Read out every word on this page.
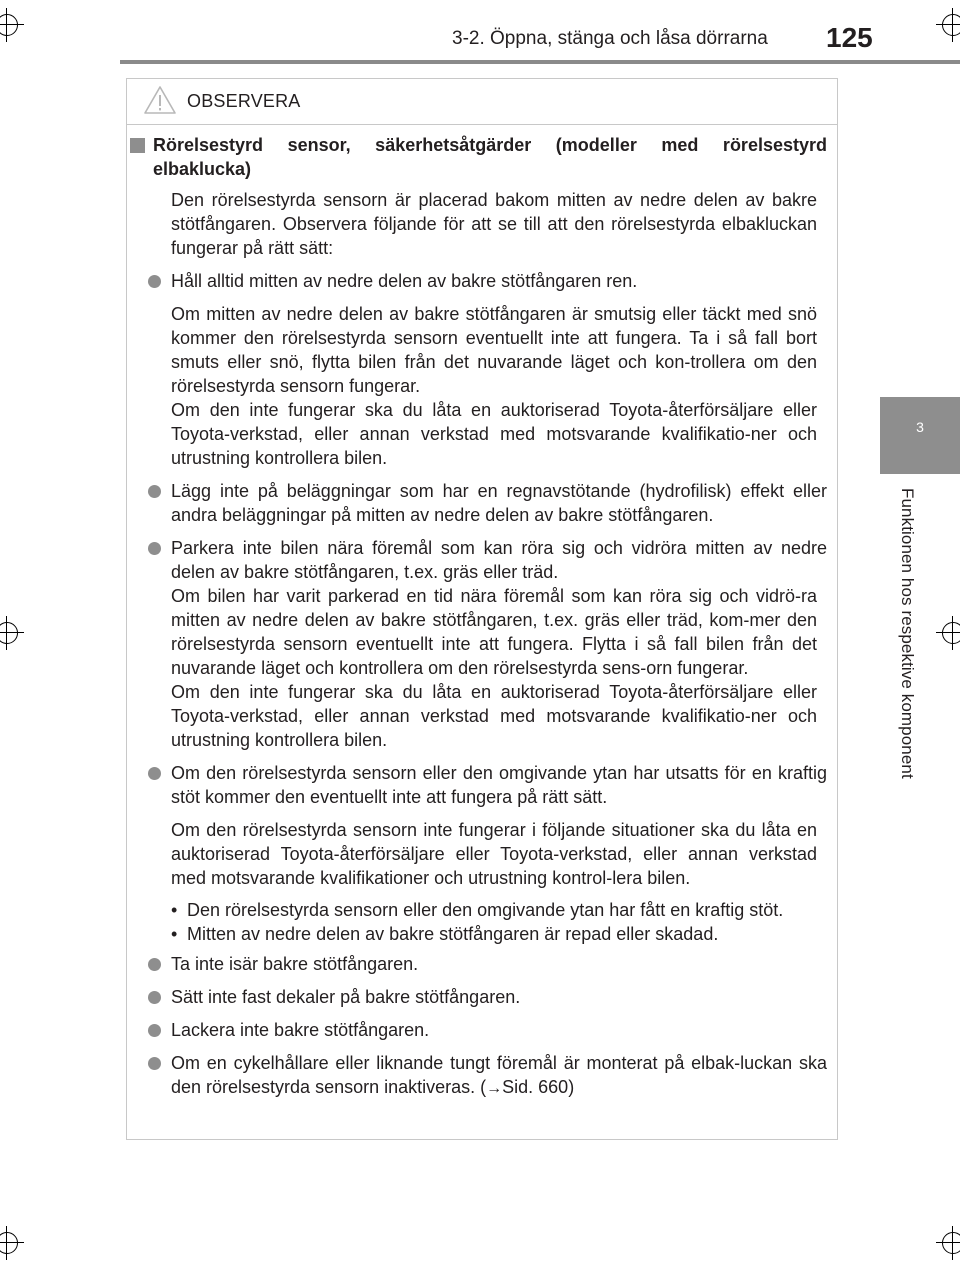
3-2. Öppna, stänga och låsa dörrarna 125
3
Funktionen hos respektive komponent
OBSERVERA
Rörelsestyrd sensor, säkerhetsåtgärder (modeller med rörelsestyrd elbaklucka)
Den rörelsestyrda sensorn är placerad bakom mitten av nedre delen av bakre stötfångaren. Observera följande för att se till att den rörelsestyrda elbakluckan fungerar på rätt sätt:
Håll alltid mitten av nedre delen av bakre stötfångaren ren.

Om mitten av nedre delen av bakre stötfångaren är smutsig eller täckt med snö kommer den rörelsestyrda sensorn eventuellt inte att fungera. Ta i så fall bort smuts eller snö, flytta bilen från det nuvarande läget och kon-trollera om den rörelsestyrda sensorn fungerar.

Om den inte fungerar ska du låta en auktoriserad Toyota-återförsäljare eller Toyota-verkstad, eller annan verkstad med motsvarande kvalifikatio-ner och utrustning kontrollera bilen.

Lägg inte på beläggningar som har en regnavstötande (hydrofilisk) effekt eller andra beläggningar på mitten av nedre delen av bakre stötfångaren.
Parkera inte bilen nära föremål som kan röra sig och vidröra mitten av nedre delen av bakre stötfångaren, t.ex. gräs eller träd.

Om bilen har varit parkerad en tid nära föremål som kan röra sig och vidrö-ra mitten av nedre delen av bakre stötfångaren, t.ex. gräs eller träd, kom-mer den rörelsestyrda sensorn eventuellt inte att fungera. Flytta i så fall bilen från det nuvarande läget och kontrollera om den rörelsestyrda sens-orn fungerar.

Om den inte fungerar ska du låta en auktoriserad Toyota-återförsäljare eller Toyota-verkstad, eller annan verkstad med motsvarande kvalifikatio-ner och utrustning kontrollera bilen.

Om den rörelsestyrda sensorn eller den omgivande ytan har utsatts för en kraftig stöt kommer den eventuellt inte att fungera på rätt sätt.

Om den rörelsestyrda sensorn inte fungerar i följande situationer ska du låta en auktoriserad Toyota-återförsäljare eller Toyota-verkstad, eller annan verkstad med motsvarande kvalifikationer och utrustning kontrol-lera bilen.

• Den rörelsestyrda sensorn eller den omgivande ytan har fått en kraftig stöt.
• Mitten av nedre delen av bakre stötfångaren är repad eller skadad.
Ta inte isär bakre stötfångaren.
Sätt inte fast dekaler på bakre stötfångaren.
Lackera inte bakre stötfångaren.
Om en cykelhållare eller liknande tungt föremål är monterat på elbak-luckan ska den rörelsestyrda sensorn inaktiveras. (→Sid. 660)
